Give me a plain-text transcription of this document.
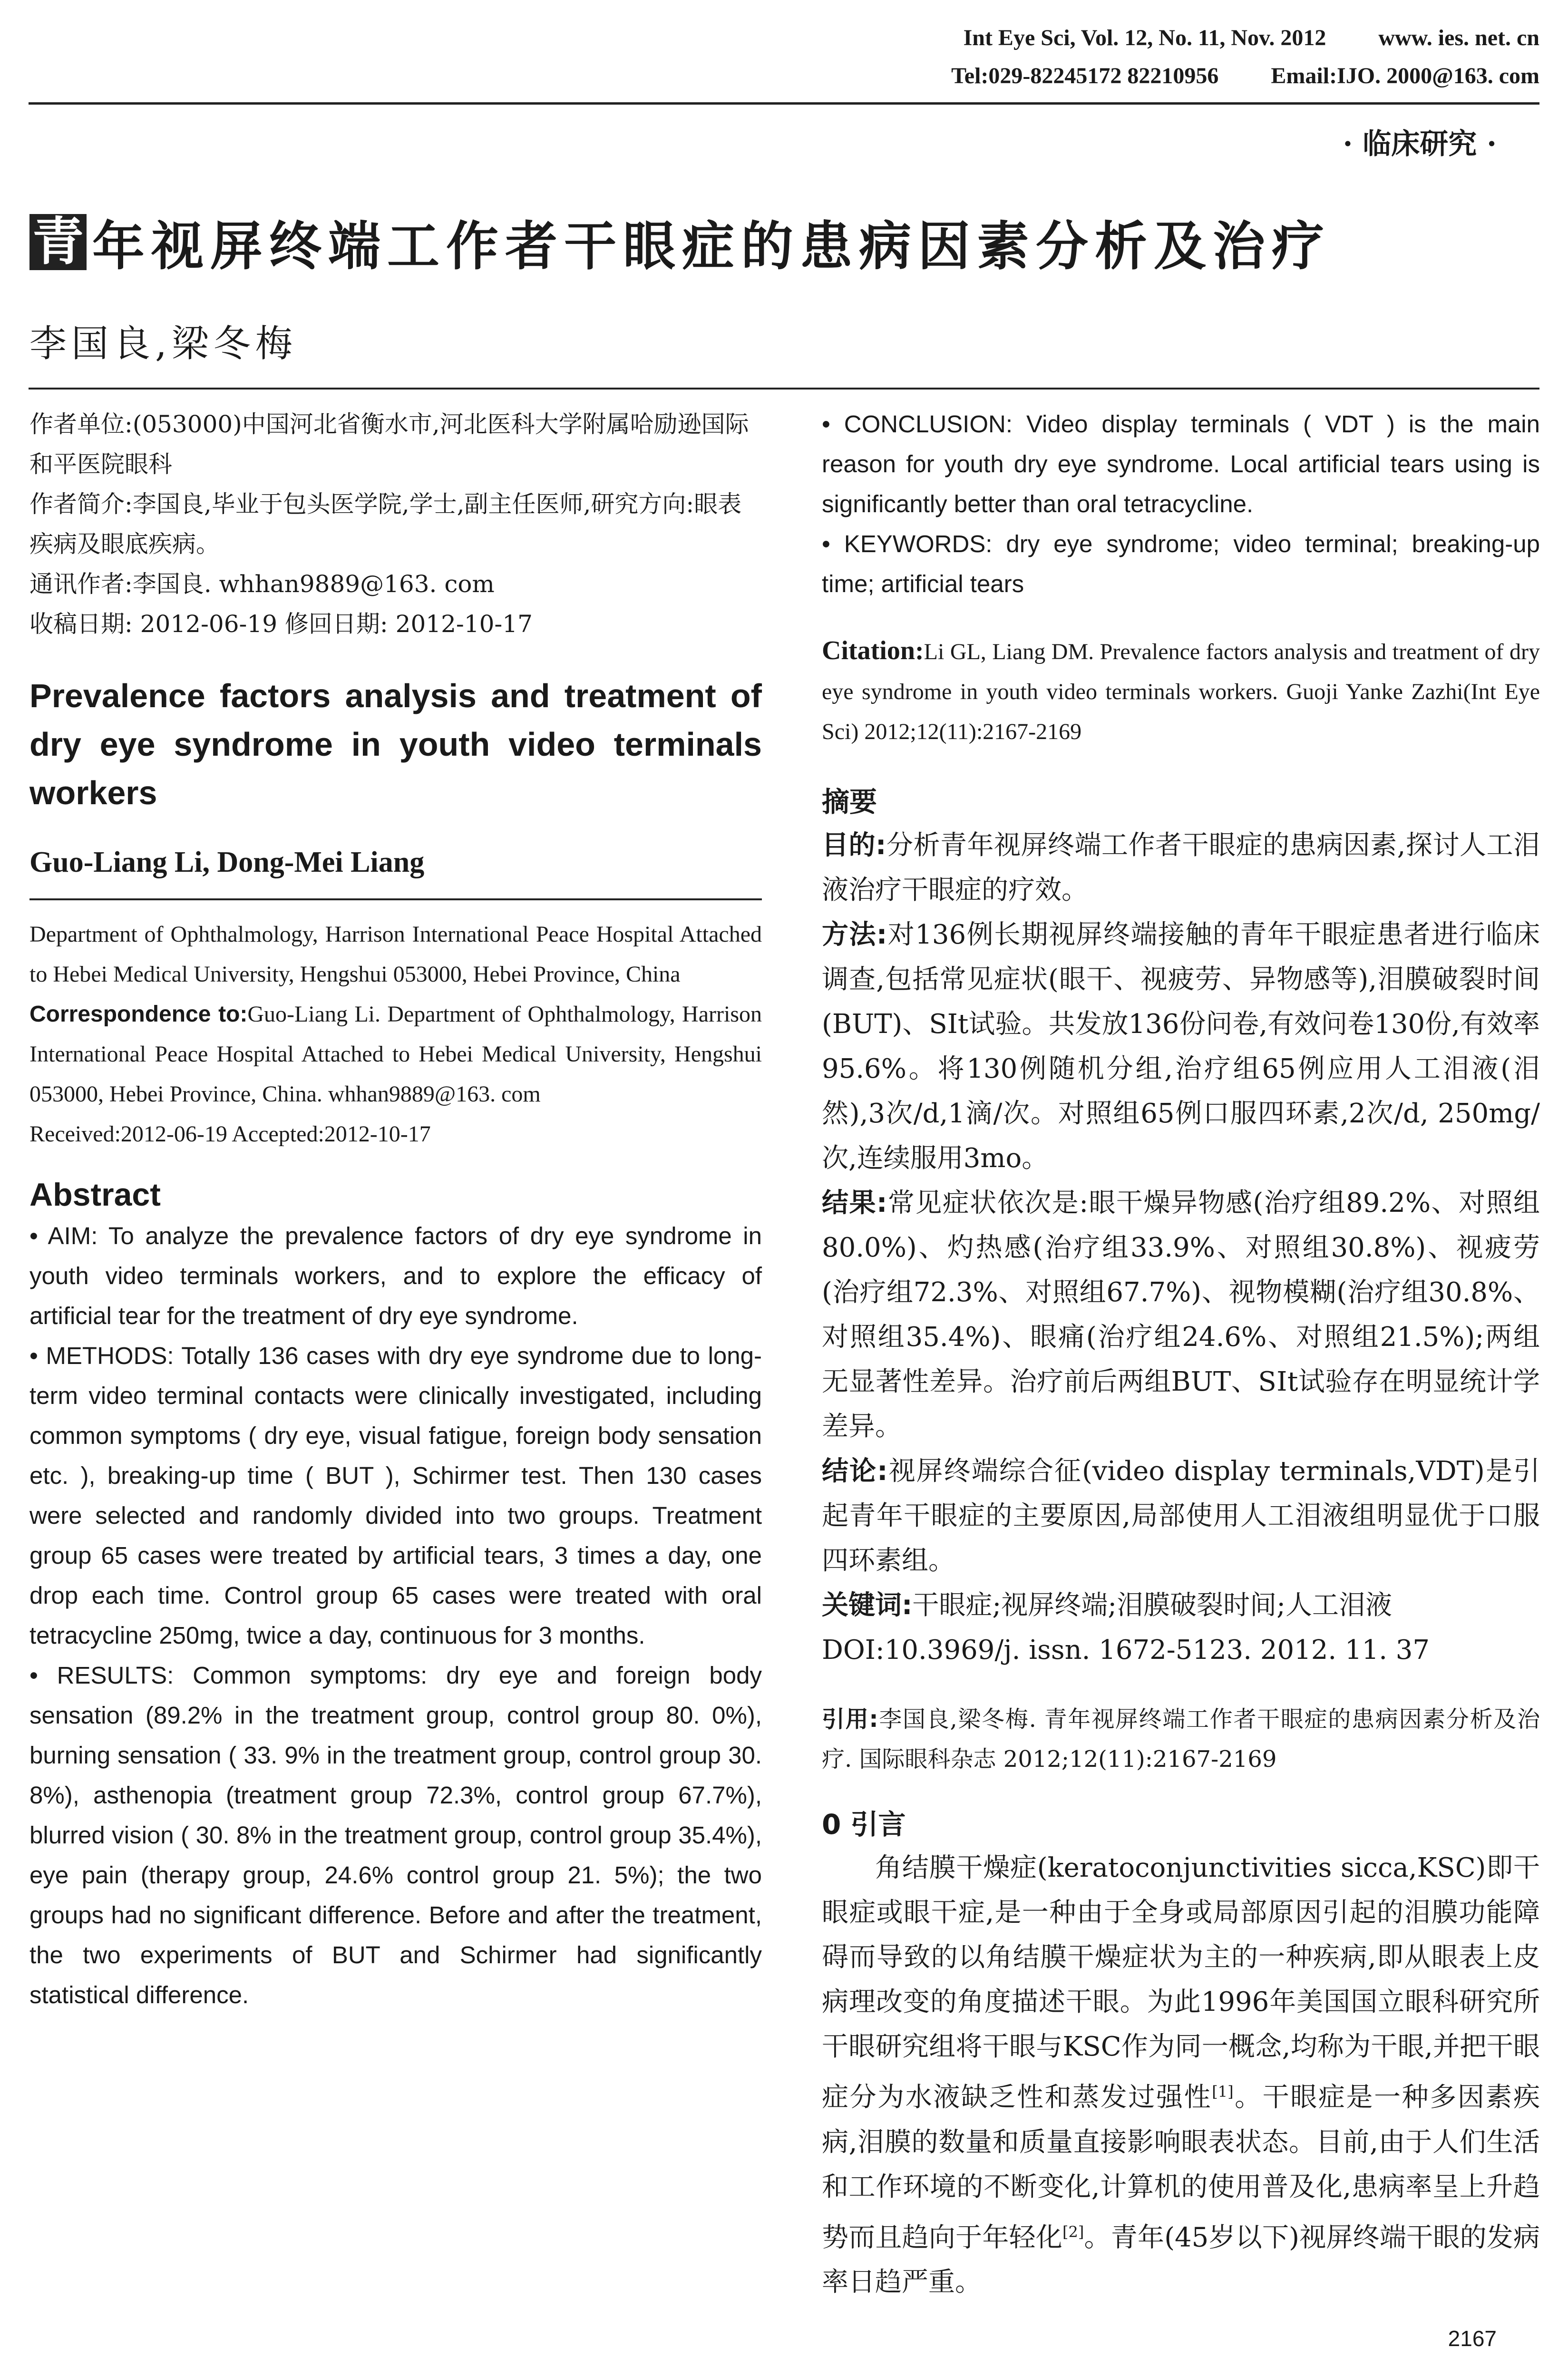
Int Eye Sci, Vol. 12, No. 11, Nov. 2012 www. ies. net. cn
Tel:029-82245172 82210956 Email:IJO. 2000@163. com
· 临床研究 ·
青 年视屏终端工作者干眼症的患病因素分析及治疗
李国良,梁冬梅

作者单位:(053000)中国河北省衡水市,河北医科大学附属哈励逊国际和平医院眼科

作者简介:李国良,毕业于包头医学院,学士,副主任医师,研究方向:眼表疾病及眼底疾病。

通讯作者:李国良. whhan9889@163. com

收稿日期: 2012-06-19 修回日期: 2012-10-17

Prevalence factors analysis and treatment of dry eye syndrome in youth video terminals workers
Guo-Liang Li, Dong-Mei Liang

Department of Ophthalmology, Harrison International Peace Hospital Attached to Hebei Medical University, Hengshui 053000, Hebei Province, China

Correspondence to:Guo-Liang Li. Department of Ophthalmology, Harrison International Peace Hospital Attached to Hebei Medical University, Hengshui 053000, Hebei Province, China. whhan9889@163. com

Received:2012-06-19 Accepted:2012-10-17

Abstract

• AIM: To analyze the prevalence factors of dry eye syndrome in youth video terminals workers, and to explore the efficacy of artificial tear for the treatment of dry eye syndrome.

• METHODS: Totally 136 cases with dry eye syndrome due to long-term video terminal contacts were clinically investigated, including common symptoms ( dry eye, visual fatigue, foreign body sensation etc. ), breaking-up time ( BUT ), Schirmer test. Then 130 cases were selected and randomly divided into two groups. Treatment group 65 cases were treated by artificial tears, 3 times a day, one drop each time. Control group 65 cases were treated with oral tetracycline 250mg, twice a day, continuous for 3 months.

• RESULTS: Common symptoms: dry eye and foreign body sensation (89.2% in the treatment group, control group 80. 0%), burning sensation ( 33. 9% in the treatment group, control group 30. 8%), asthenopia (treatment group 72.3%, control group 67.7%), blurred vision ( 30. 8% in the treatment group, control group 35.4%), eye pain (therapy group, 24.6% control group 21. 5%); the two groups had no significant difference. Before and after the treatment, the two experiments of BUT and Schirmer had significantly statistical difference.

• CONCLUSION: Video display terminals ( VDT ) is the main reason for youth dry eye syndrome. Local artificial tears using is significantly better than oral tetracycline.

• KEYWORDS: dry eye syndrome; video terminal; breaking-up time; artificial tears

Citation:Li GL, Liang DM. Prevalence factors analysis and treatment of dry eye syndrome in youth video terminals workers. Guoji Yanke Zazhi(Int Eye Sci) 2012;12(11):2167-2169
摘要

目的:分析青年视屏终端工作者干眼症的患病因素,探讨人工泪液治疗干眼症的疗效。

方法:对136例长期视屏终端接触的青年干眼症患者进行临床调查,包括常见症状(眼干、视疲劳、异物感等),泪膜破裂时间(BUT)、SⅠt试验。共发放136份问卷,有效问卷130份,有效率95.6%。将130例随机分组,治疗组65例应用人工泪液(泪然),3次/d,1滴/次。对照组65例口服四环素,2次/d, 250mg/次,连续服用3mo。

结果:常见症状依次是:眼干燥异物感(治疗组89.2%、对照组80.0%)、灼热感(治疗组33.9%、对照组30.8%)、视疲劳(治疗组72.3%、对照组67.7%)、视物模糊(治疗组30.8%、对照组35.4%)、眼痛(治疗组24.6%、对照组21.5%);两组无显著性差异。治疗前后两组BUT、SⅠt试验存在明显统计学差异。

结论:视屏终端综合征(video display terminals,VDT)是引起青年干眼症的主要原因,局部使用人工泪液组明显优于口服四环素组。

关键词:干眼症;视屏终端;泪膜破裂时间;人工泪液

DOI:10.3969/j. issn. 1672-5123. 2012. 11. 37

引用:李国良,梁冬梅. 青年视屏终端工作者干眼症的患病因素分析及治疗. 国际眼科杂志 2012;12(11):2167-2169
0 引言

角结膜干燥症(keratoconjunctivities sicca,KSC)即干眼症或眼干症,是一种由于全身或局部原因引起的泪膜功能障碍而导致的以角结膜干燥症状为主的一种疾病,即从眼表上皮病理改变的角度描述干眼。为此1996年美国国立眼科研究所干眼研究组将干眼与KSC作为同一概念,均称为干眼,并把干眼症分为水液缺乏性和蒸发过强性[1]。干眼症是一种多因素疾病,泪膜的数量和质量直接影响眼表状态。目前,由于人们生活和工作环境的不断变化,计算机的使用普及化,患病率呈上升趋势而且趋向于年轻化[2]。青年(45岁以下)视屏终端干眼的发病率日趋严重。

2167
